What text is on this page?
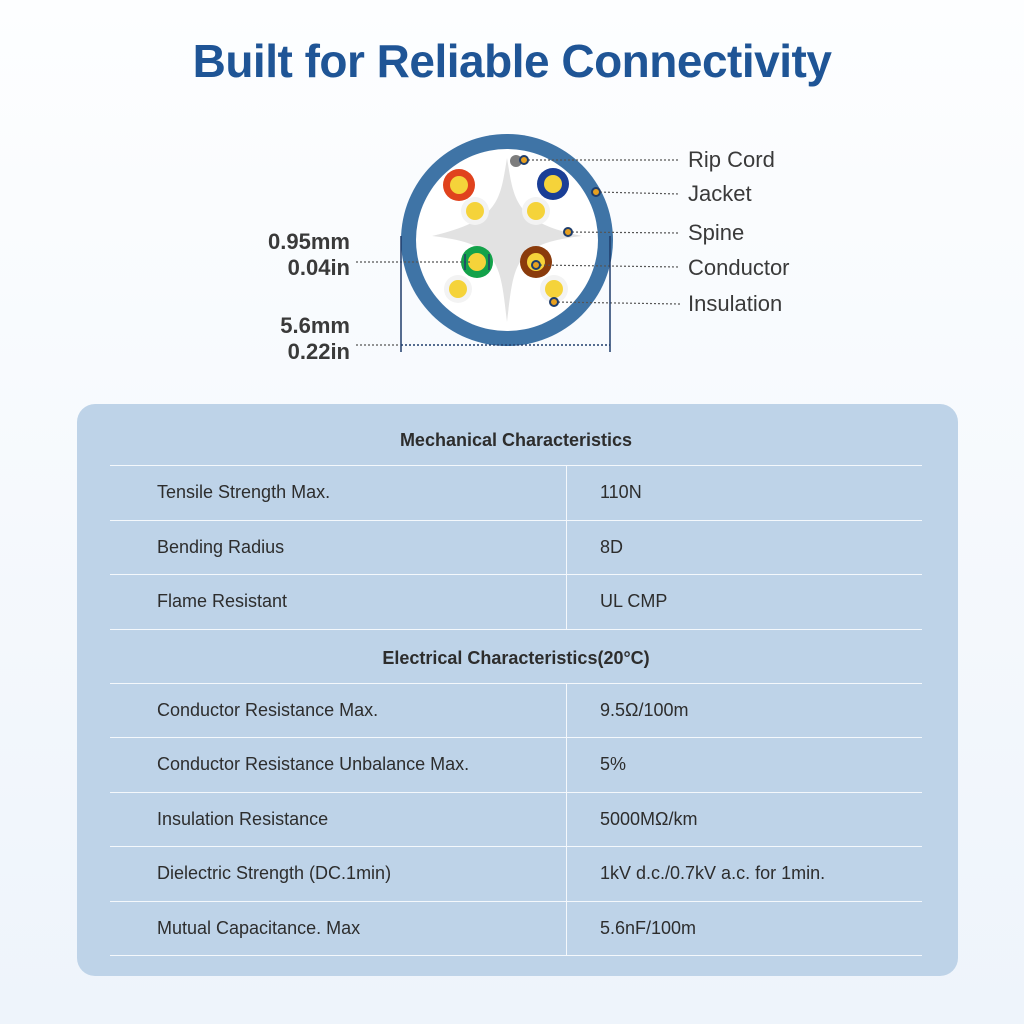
Built for Reliable Connectivity
Rip Cord
Jacket
Spine
Conductor
Insulation
0.95mm
0.04in
5.6mm
0.22in
Mechanical Characteristics
Tensile Strength Max.	110N
Bending Radius	8D
Flame Resistant	UL CMP
Electrical Characteristics(20°C)
Conductor Resistance Max.	9.5Ω/100m
Conductor Resistance Unbalance Max.	5%
Insulation Resistance	5000MΩ/km
Dielectric Strength (DC.1min)	1kV d.c./0.7kV a.c. for 1min.
Mutual Capacitance. Max	5.6nF/100m
